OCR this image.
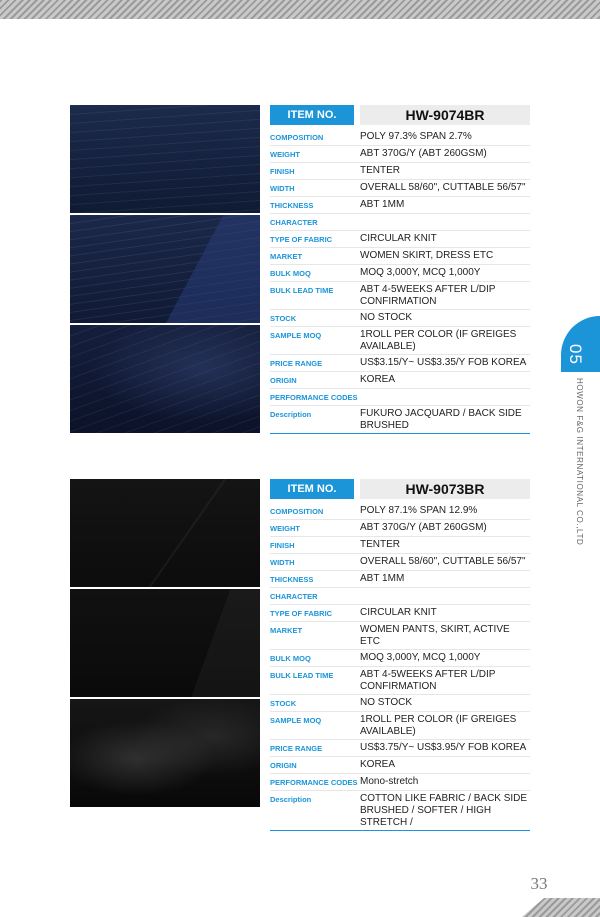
ITEM NO.	HW-9074BR
COMPOSITION	POLY 97.3% SPAN 2.7%
WEIGHT	ABT 370G/Y (ABT 260GSM)
FINISH	TENTER
WIDTH	OVERALL 58/60", CUTTABLE 56/57"
THICKNESS	ABT 1MM
CHARACTER
TYPE OF FABRIC	CIRCULAR KNIT
MARKET	WOMEN SKIRT, DRESS ETC
BULK MOQ	MOQ 3,000Y, MCQ 1,000Y
BULK LEAD TIME	ABT 4-5WEEKS AFTER L/DIP CONFIRMATION
STOCK	NO STOCK
SAMPLE MOQ	1ROLL PER COLOR (IF GREIGES AVAILABLE)
PRICE RANGE	US$3.15/Y~ US$3.35/Y FOB KOREA
ORIGIN	KOREA
PERFORMANCE CODES
Description	FUKURO JACQUARD / BACK SIDE BRUSHED
ITEM NO.	HW-9073BR
COMPOSITION	POLY 87.1% SPAN 12.9%
WEIGHT	ABT 370G/Y (ABT 260GSM)
FINISH	TENTER
WIDTH	OVERALL 58/60", CUTTABLE 56/57"
THICKNESS	ABT 1MM
CHARACTER
TYPE OF FABRIC	CIRCULAR KNIT
MARKET	WOMEN PANTS, SKIRT, ACTIVE ETC
BULK MOQ	MOQ 3,000Y, MCQ 1,000Y
BULK LEAD TIME	ABT 4-5WEEKS AFTER L/DIP CONFIRMATION
STOCK	NO STOCK
SAMPLE MOQ	1ROLL PER COLOR (IF GREIGES AVAILABLE)
PRICE RANGE	US$3.75/Y~ US$3.95/Y FOB KOREA
ORIGIN	KOREA
PERFORMANCE CODES Mono-stretch
Description	COTTON LIKE FABRIC / BACK SIDE BRUSHED / SOFTER / HIGH STRETCH /
05
HOWON F&G INTERNATIONAL CO.,LTD
33
